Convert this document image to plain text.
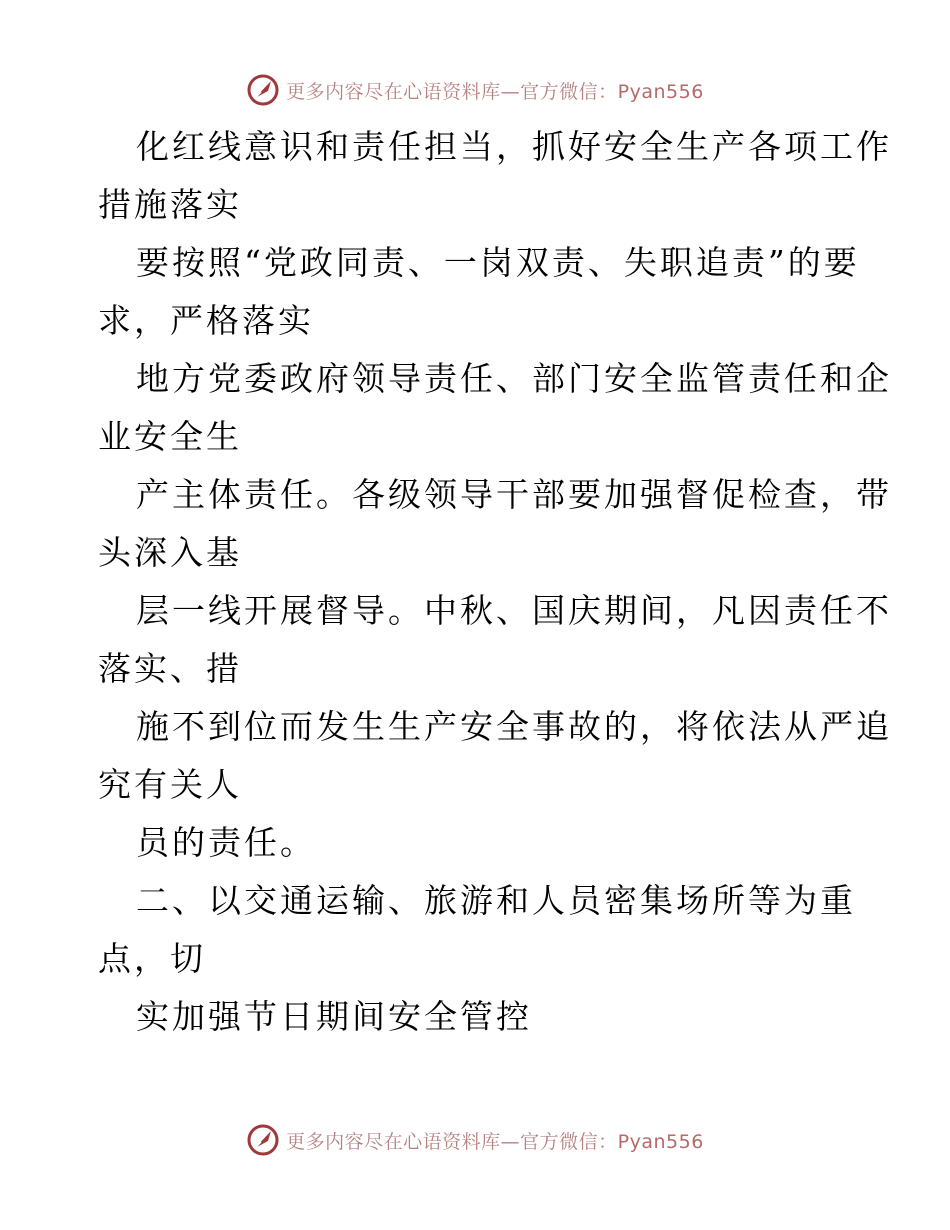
更多内容尽在心语资料库—官方微信：Pyan556
化红线意识和责任担当，抓好安全生产各项工作
措施落实
要按照“党政同责、一岗双责、失职追责”的要
求，严格落实
地方党委政府领导责任、部门安全监管责任和企
业安全生
产主体责任。各级领导干部要加强督促检查，带
头深入基
层一线开展督导。中秋、国庆期间，凡因责任不
落实、措
施不到位而发生生产安全事故的，将依法从严追
究有关人
员的责任。
二、以交通运输、旅游和人员密集场所等为重
点，切
实加强节日期间安全管控
更多内容尽在心语资料库—官方微信：Pyan556
